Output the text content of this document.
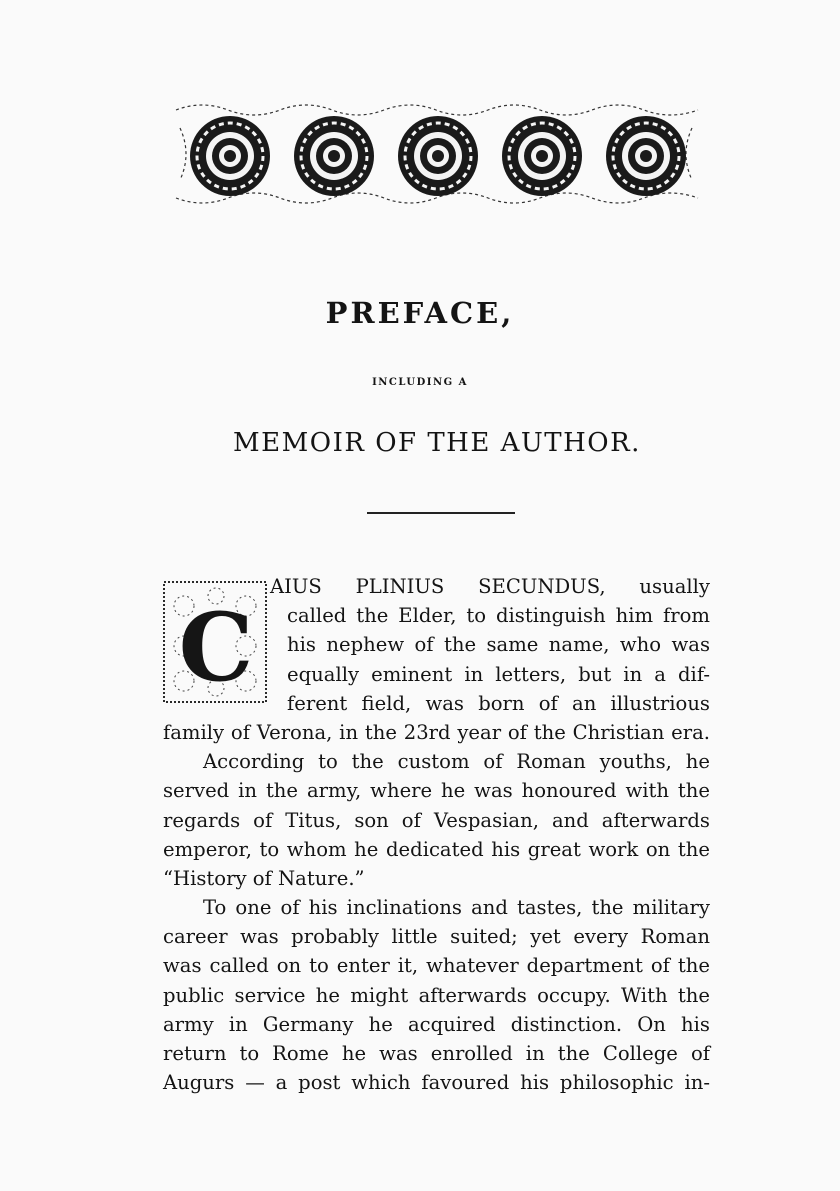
PREFACE,
INCLUDING A
MEMOIR OF THE AUTHOR.
C
AIUS PLINIUS SECUNDUS, usually
called the Elder, to distinguish him from
his nephew of the same name, who was
equally eminent in letters, but in a dif-
ferent field, was born of an illustrious
family of Verona, in the 23rd year of the Christian era.
According to the custom of Roman youths, he
served in the army, where he was honoured with the
regards of Titus, son of Vespasian, and afterwards
emperor, to whom he dedicated his great work on the
“History of Nature.”
To one of his inclinations and tastes, the military
career was probably little suited; yet every Roman
was called on to enter it, whatever department of the
public service he might afterwards occupy. With the
army in Germany he acquired distinction. On his
return to Rome he was enrolled in the College of
Augurs — a post which favoured his philosophic in-
